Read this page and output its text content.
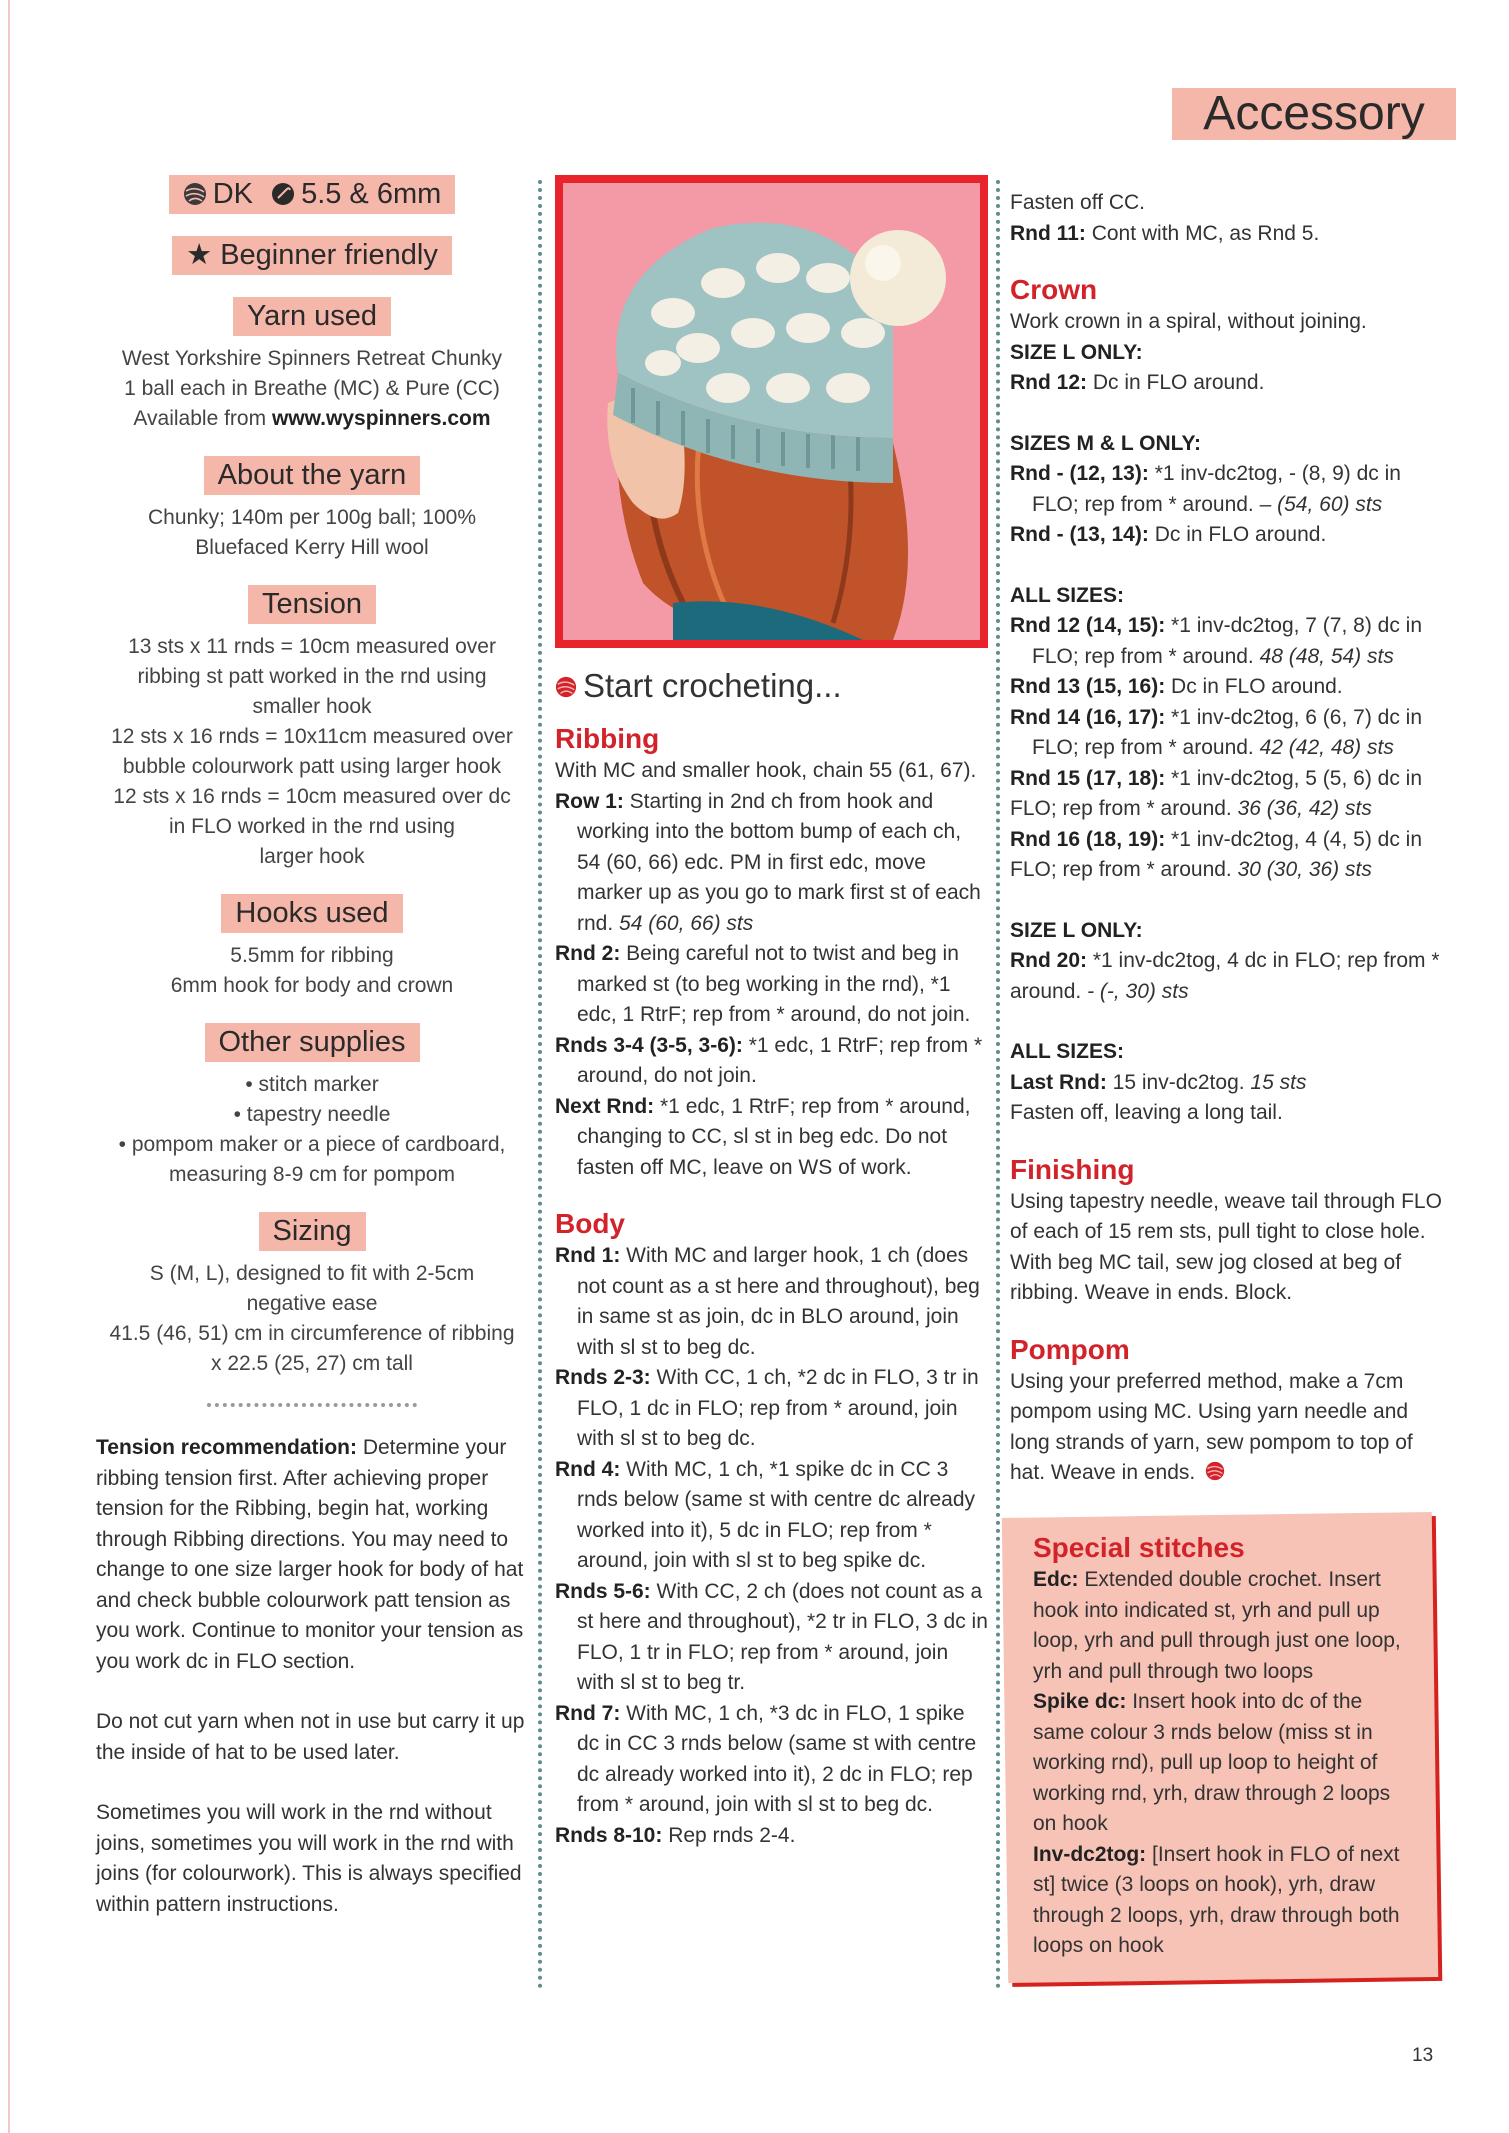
Accessory
DK 5.5 & 6mm
★ Beginner friendly
Yarn used

West Yorkshire Spinners Retreat Chunky
1 ball each in Breathe (MC) & Pure (CC)
Available from www.wyspinners.com

About the yarn

Chunky; 140m per 100g ball; 100%
Bluefaced Kerry Hill wool

Tension

13 sts x 11 rnds = 10cm measured over
ribbing st patt worked in the rnd using
smaller hook
12 sts x 16 rnds = 10x11cm measured over
bubble colourwork patt using larger hook
12 sts x 16 rnds = 10cm measured over dc
in FLO worked in the rnd using
larger hook

Hooks used

5.5mm for ribbing
6mm hook for body and crown

Other supplies

• stitch marker
• tapestry needle
• pompom maker or a piece of cardboard,
measuring 8-9 cm for pompom

Sizing

S (M, L), designed to fit with 2-5cm
negative ease
41.5 (46, 51) cm in circumference of ribbing
x 22.5 (25, 27) cm tall

Tension recommendation: Determine your ribbing tension first. After achieving proper tension for the Ribbing, begin hat, working through Ribbing directions. You may need to change to one size larger hook for body of hat and check bubble colourwork patt tension as you work. Continue to monitor your tension as you work dc in FLO section.

Do not cut yarn when not in use but carry it up the inside of hat to be used later.

Sometimes you will work in the rnd without joins, sometimes you will work in the rnd with joins (for colourwork). This is always specified within pattern instructions.

Start crocheting...

Ribbing

With MC and smaller hook, chain 55 (61, 67).

Row 1: Starting in 2nd ch from hook and working into the bottom bump of each ch, 54 (60, 66) edc. PM in first edc, move marker up as you go to mark first st of each rnd. 54 (60, 66) sts

Rnd 2: Being careful not to twist and beg in marked st (to beg working in the rnd), *1 edc, 1 RtrF; rep from * around, do not join.

Rnds 3-4 (3-5, 3-6): *1 edc, 1 RtrF; rep from * around, do not join.

Next Rnd: *1 edc, 1 RtrF; rep from * around, changing to CC, sl st in beg edc. Do not fasten off MC, leave on WS of work.

Body

Rnd 1: With MC and larger hook, 1 ch (does not count as a st here and throughout), beg in same st as join, dc in BLO around, join with sl st to beg dc.

Rnds 2-3: With CC, 1 ch, *2 dc in FLO, 3 tr in FLO, 1 dc in FLO; rep from * around, join with sl st to beg dc.

Rnd 4: With MC, 1 ch, *1 spike dc in CC 3 rnds below (same st with centre dc already worked into it), 5 dc in FLO; rep from * around, join with sl st to beg spike dc.

Rnds 5-6: With CC, 2 ch (does not count as a st here and throughout), *2 tr in FLO, 3 dc in FLO, 1 tr in FLO; rep from * around, join with sl st to beg tr.

Rnd 7: With MC, 1 ch, *3 dc in FLO, 1 spike dc in CC 3 rnds below (same st with centre dc already worked into it), 2 dc in FLO; rep from * around, join with sl st to beg dc.

Rnds 8-10: Rep rnds 2-4.

Fasten off CC.

Rnd 11: Cont with MC, as Rnd 5.

Crown

Work crown in a spiral, without joining.

SIZE L ONLY:

Rnd 12: Dc in FLO around.

SIZES M & L ONLY:

Rnd - (12, 13): *1 inv-dc2tog, - (8, 9) dc in FLO; rep from * around. – (54, 60) sts

Rnd - (13, 14): Dc in FLO around.

ALL SIZES:

Rnd 12 (14, 15): *1 inv-dc2tog, 7 (7, 8) dc in FLO; rep from * around. 48 (48, 54) sts

Rnd 13 (15, 16): Dc in FLO around.

Rnd 14 (16, 17): *1 inv-dc2tog, 6 (6, 7) dc in FLO; rep from * around. 42 (42, 48) sts

Rnd 15 (17, 18): *1 inv-dc2tog, 5 (5, 6) dc in FLO; rep from * around. 36 (36, 42) sts

Rnd 16 (18, 19): *1 inv-dc2tog, 4 (4, 5) dc in FLO; rep from * around. 30 (30, 36) sts

SIZE L ONLY:

Rnd 20: *1 inv-dc2tog, 4 dc in FLO; rep from * around. - (-, 30) sts

ALL SIZES:

Last Rnd: 15 inv-dc2tog. 15 sts

Fasten off, leaving a long tail.

Finishing

Using tapestry needle, weave tail through FLO of each of 15 rem sts, pull tight to close hole. With beg MC tail, sew jog closed at beg of ribbing. Weave in ends. Block.

Pompom

Using your preferred method, make a 7cm pompom using MC. Using yarn needle and long strands of yarn, sew pompom to top of hat. Weave in ends.

Special stitches

Edc: Extended double crochet. Insert hook into indicated st, yrh and pull up loop, yrh and pull through just one loop, yrh and pull through two loops

Spike dc: Insert hook into dc of the same colour 3 rnds below (miss st in working rnd), pull up loop to height of working rnd, yrh, draw through 2 loops on hook

Inv-dc2tog: [Insert hook in FLO of next st] twice (3 loops on hook), yrh, draw through 2 loops, yrh, draw through both loops on hook

13
